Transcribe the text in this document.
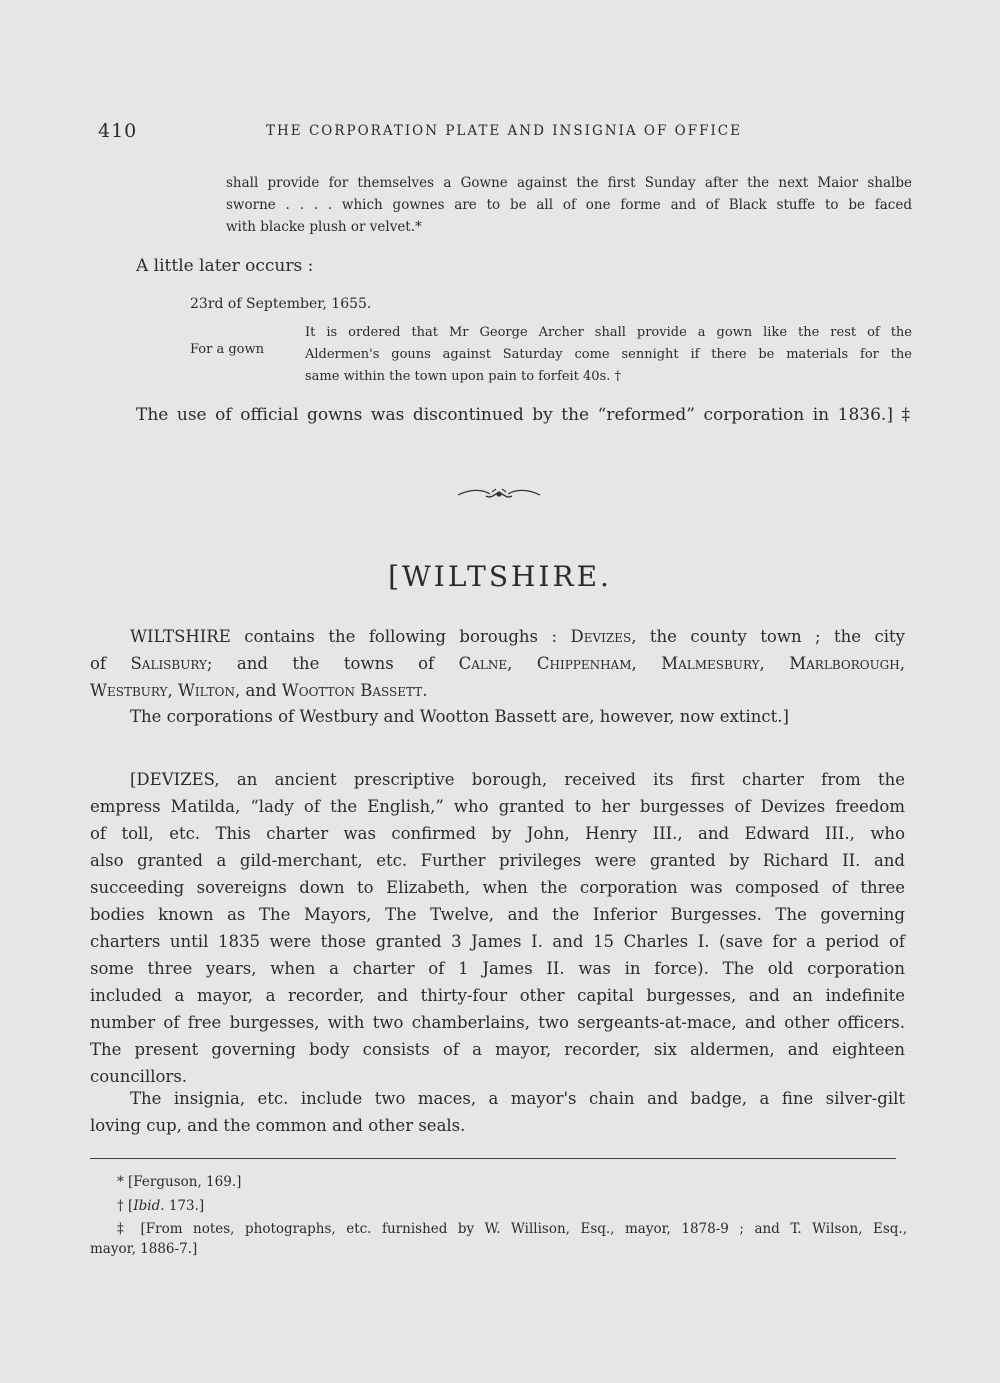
410	THE CORPORATION PLATE AND INSIGNIA OF OFFICE
shall provide for themselves a Gowne against the first Sunday after the next Maior shalbe
sworne . . . . which gownes are to be all of one forme and of Black stuffe to be faced
with blacke plush or velvet.*
A little later occurs :
23rd of September, 1655.
For a gown
It is ordered that Mr George Archer shall provide a gown like the rest of the
Aldermen's gouns against Saturday come sennight if there be materials for the
same within the town upon pain to forfeit 40s. †
The use of official gowns was discontinued by the “reformed” corporation in 1836.] ‡
[WILTSHIRE.
WILTSHIRE contains the following boroughs : Devizes, the county town ; the city
of Salisbury; and the towns of Calne, Chippenham, Malmesbury, Marlborough,
Westbury, Wilton, and Wootton Bassett.
The corporations of Westbury and Wootton Bassett are, however, now extinct.]
[DEVIZES, an ancient prescriptive borough, received its first charter from the
empress Matilda, “lady of the English,” who granted to her burgesses of Devizes freedom
of toll, etc. This charter was confirmed by John, Henry III., and Edward III., who
also granted a gild-merchant, etc. Further privileges were granted by Richard II. and
succeeding sovereigns down to Elizabeth, when the corporation was composed of three
bodies known as The Mayors, The Twelve, and the Inferior Burgesses. The governing
charters until 1835 were those granted 3 James I. and 15 Charles I. (save for a period of
some three years, when a charter of 1 James II. was in force). The old corporation
included a mayor, a recorder, and thirty-four other capital burgesses, and an indefinite
number of free burgesses, with two chamberlains, two sergeants-at-mace, and other officers.
The present governing body consists of a mayor, recorder, six aldermen, and eighteen
councillors.
The insignia, etc. include two maces, a mayor's chain and badge, a fine silver-gilt
loving cup, and the common and other seals.
* [Ferguson, 169.]
† [Ibid. 173.]
‡ [From notes, photographs, etc. furnished by W. Willison, Esq., mayor, 1878-9 ; and T. Wilson, Esq.,
mayor, 1886-7.]
